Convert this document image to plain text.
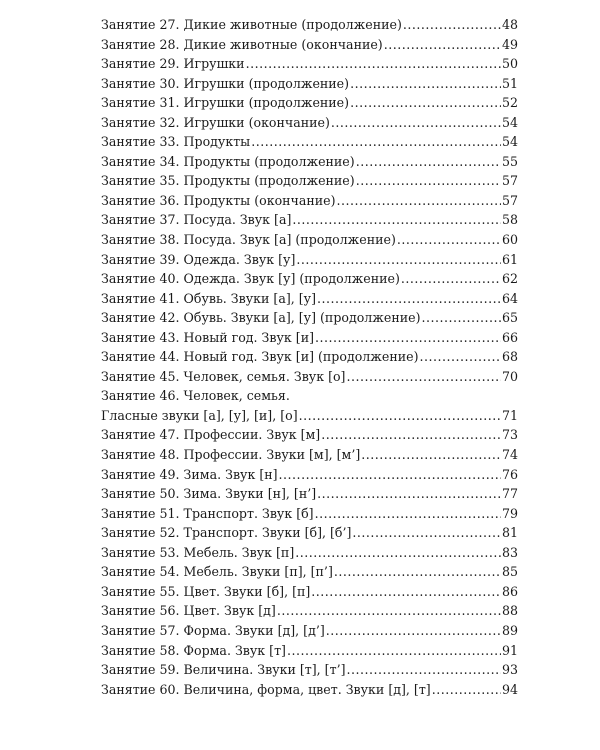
Занятие 27. Дикие животные (продолжение) .....	48
Занятие 28. Дикие животные (окончание) .....	49
Занятие 29. Игрушки .....	50
Занятие 30. Игрушки (продолжение) .....	51
Занятие 31. Игрушки (продолжение) .....	52
Занятие 32. Игрушки (окончание) .....	54
Занятие 33. Продукты .....	54
Занятие 34. Продукты (продолжение) .....	55
Занятие 35. Продукты (продолжение) .....	57
Занятие 36. Продукты (окончание) .....	57
Занятие 37. Посуда. Звук [а] .....	58
Занятие 38. Посуда. Звук [а] (продолжение) .....	60
Занятие 39. Одежда. Звук [у] .....	61
Занятие 40. Одежда. Звук [у] (продолжение) .....	62
Занятие 41. Обувь. Звуки [а], [у] .....	64
Занятие 42. Обувь. Звуки [а], [у] (продолжение) .....	65
Занятие 43. Новый год. Звук [и] .....	66
Занятие 44. Новый год. Звук [и] (продолжение) .....	68
Занятие 45. Человек, семья. Звук [о] .....	70
Занятие 46. Человек, семья.
Гласные звуки [а], [у], [и], [о] .....	71
Занятие 47. Профессии. Звук [м] .....	73
Занятие 48. Профессии. Звуки [м], [м’] .....	74
Занятие 49. Зима. Звук [н] .....	76
Занятие 50. Зима. Звуки [н], [н’] .....	77
Занятие 51. Транспорт. Звук [б] .....	79
Занятие 52. Транспорт. Звуки [б], [б’] .....	81
Занятие 53. Мебель. Звук [п] .....	83
Занятие 54. Мебель. Звуки [п], [п’] .....	85
Занятие 55. Цвет. Звуки [б], [п] .....	86
Занятие 56. Цвет. Звук [д] .....	88
Занятие 57. Форма. Звуки [д], [д’] .....	89
Занятие 58. Форма. Звук [т] .....	91
Занятие 59. Величина. Звуки [т], [т’] .....	93
Занятие 60. Величина, форма, цвет. Звуки [д], [т] .....	94
